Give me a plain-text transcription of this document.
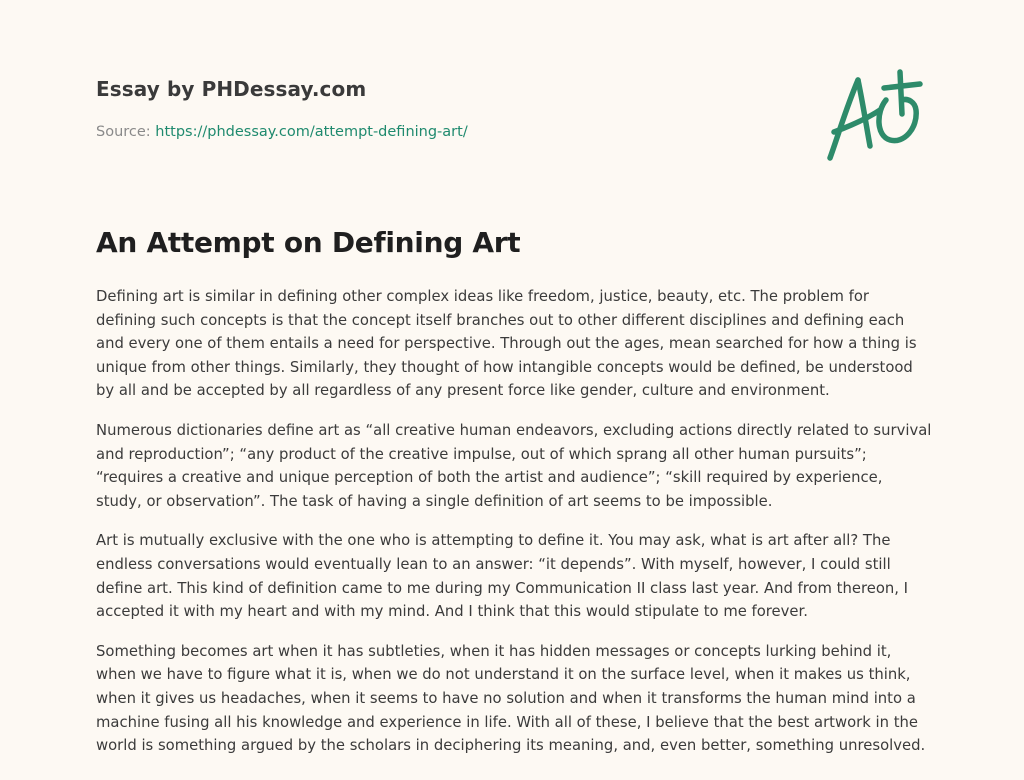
Essay by PHDessay.com
Source: https://phdessay.com/attempt-defining-art/
An Attempt on Defining Art

Defining art is similar in defining other complex ideas like freedom, justice, beauty, etc. The problem for defining such concepts is that the concept itself branches out to other different disciplines and defining each and every one of them entails a need for perspective. Through out the ages, mean searched for how a thing is unique from other things. Similarly, they thought of how intangible concepts would be defined, be understood by all and be accepted by all regardless of any present force like gender, culture and environment.

Numerous dictionaries define art as “all creative human endeavors, excluding actions directly related to survival and reproduction”; “any product of the creative impulse, out of which sprang all other human pursuits”; “requires a creative and unique perception of both the artist and audience”; “skill required by experience, study, or observation”. The task of having a single definition of art seems to be impossible.

Art is mutually exclusive with the one who is attempting to define it. You may ask, what is art after all? The endless conversations would eventually lean to an answer: “it depends”. With myself, however, I could still define art. This kind of definition came to me during my Communication II class last year. And from thereon, I accepted it with my heart and with my mind. And I think that this would stipulate to me forever.

Something becomes art when it has subtleties, when it has hidden messages or concepts lurking behind it, when we have to figure what it is, when we do not understand it on the surface level, when it makes us think, when it gives us headaches, when it seems to have no solution and when it transforms the human mind into a machine fusing all his knowledge and experience in life. With all of these, I believe that the best artwork in the world is something argued by the scholars in deciphering its meaning, and, even better, something unresolved.
